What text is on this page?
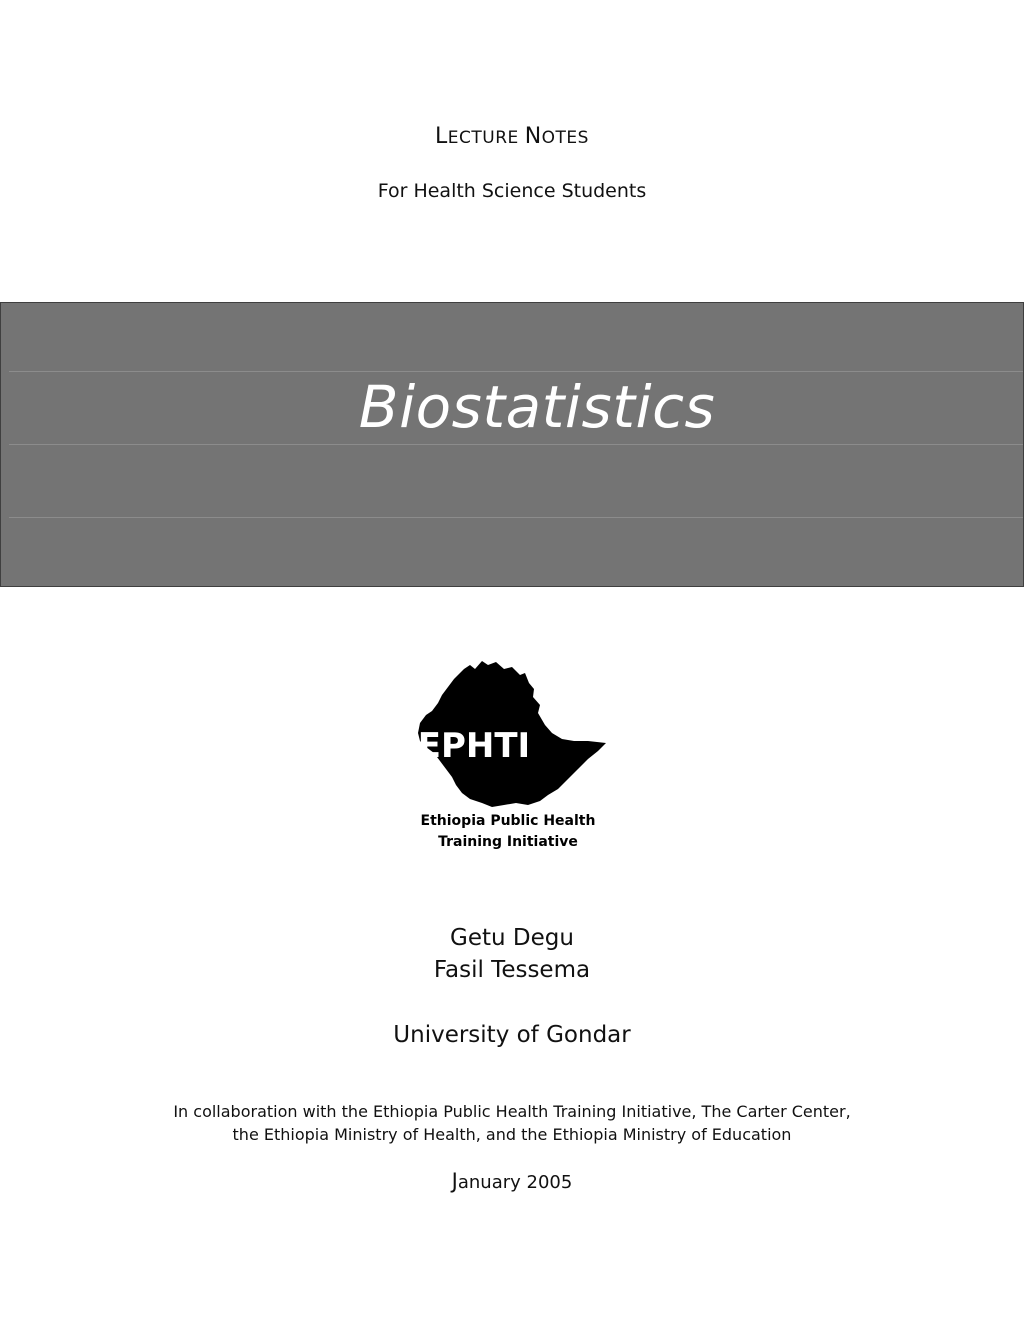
LECTURE NOTES
For Health Science Students
Biostatistics
EPHTI
Ethiopia Public Health
Training Initiative
Getu Degu
Fasil Tessema
University of Gondar
In collaboration with the Ethiopia Public Health Training Initiative, The Carter Center,
the Ethiopia Ministry of Health, and the Ethiopia Ministry of Education
January 2005
